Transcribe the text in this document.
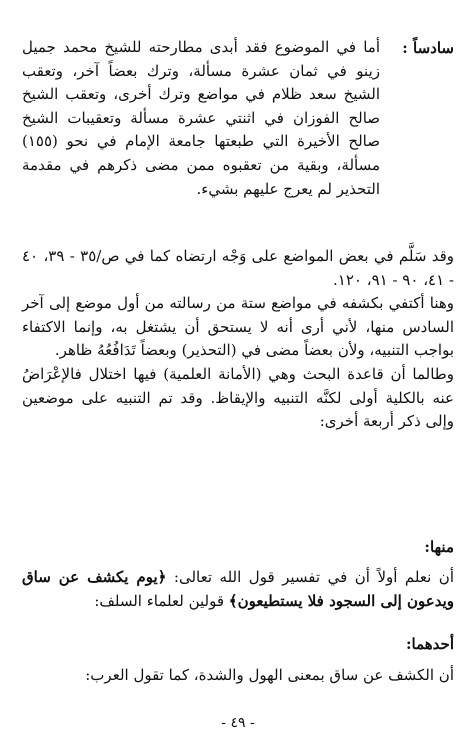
سادساً :

أما في الموضوع فقد أبدى مطارحته للشيخ محمد جميل زينو في ثمان عشرة مسألة، وترك بعضاً آخر، وتعقب الشيخ سعد ظلام في مواضع وترك أخرى، وتعقب الشيخ صالح الفوزان في اثنتي عشرة مسألة وتعقيبات الشيخ صالح الأخيرة التي طبعتها جامعة الإمام في نحو (١٥٥) مسألة، وبقية من تعقبوه ممن مضى ذكرهم في مقدمة التحذير لم يعرج عليهم بشيء.

وقد سَلَّم في بعض المواضع على وَجْه ارتضاه كما في ص/٣٥ - ٣٩، ٤٠ - ٤١، ٩٠ - ٩١، ١٢٠.

وهنا أكتفي بكشفه في مواضع ستة من رسالته من أول موضع إلى آخر السادس منها، لأني أرى أنه لا يستحق أن يشتغل به، وإنما الاكتفاء بواجب التنبيه، ولأن بعضاً مضى في (التحذير) وبعضاً تَدَافُعُهُ ظاهر.

وطالما أن قاعدة البحث وهي (الأمانة العلمية) فيها اختلال فالإعْرَاضُ عنه بالكلية أولى لكنَّه التنبيه والإيقاظ. وقد تم التنبيه على موضعين وإلى ذكر أربعة أخرى:

منها:

أن نعلم أولاً أن في تفسير قول الله تعالى: ﴿يوم يكشف عن ساق ويدعون إلى السجود فلا يستطيعون﴾ قولين لعلماء السلف:

أحدهما:

أن الكشف عن ساق بمعنى الهول والشدة، كما تقول العرب:

- ٤٩ -
